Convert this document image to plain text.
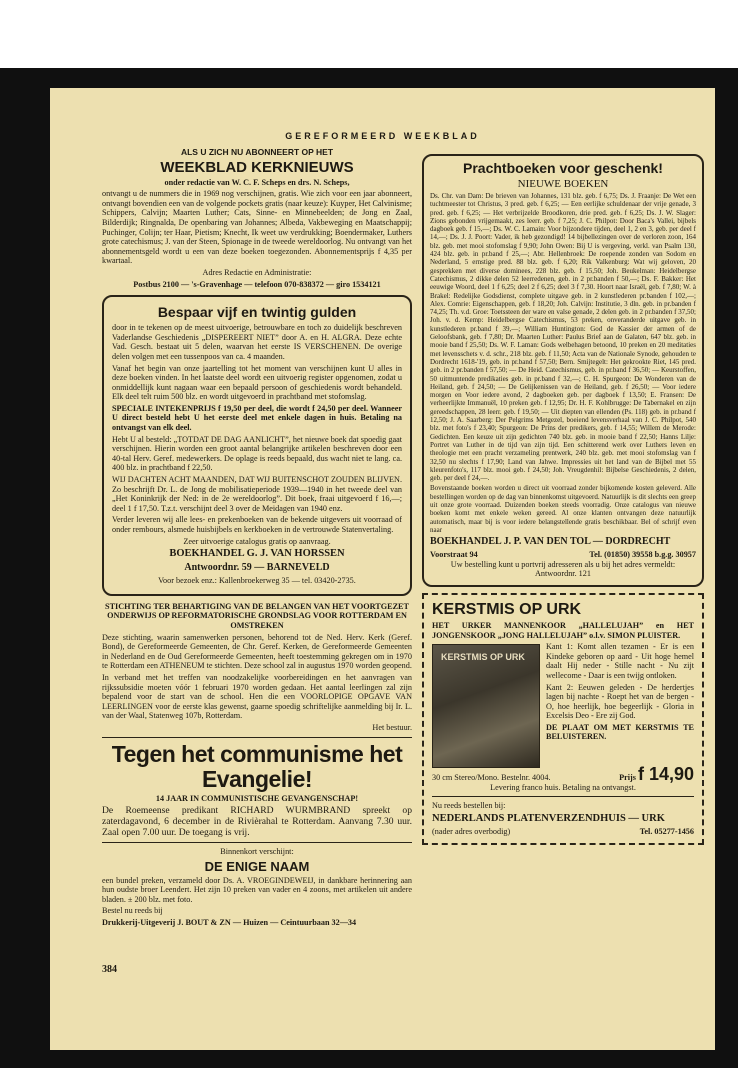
GEREFORMEERD WEEKBLAD

ALS U ZICH NU ABONNEERT OP HET

WEEKBLAD KERKNIEUWS

onder redactie van W. C. F. Scheps en drs. N. Scheps,

ontvangt u de nummers die in 1969 nog verschijnen, gratis. Wie zich voor een jaar abonneert, ontvangt bovendien een van de volgende pockets gratis (naar keuze): Kuyper, Het Calvinisme; Schippers, Calvijn; Maarten Luther; Cats, Sinne- en Minnebeelden; de Jong en Zaal, Bilderdijk; Ringnalda, De openbaring van Johannes; Albeda, Vakbeweging en Maatschappij; Puchinger, Colijn; ter Haar, Pietism; Knecht, Ik weet uw verdrukking; Boendermaker, Luthers grote catechismus; J. van der Steen, Spionage in de tweede wereldoorlog. Nu ontvangt van het abonnementsgeld wordt u een van deze boeken toegezonden. Abonnementsprijs f 4,35 per kwartaal.

Adres Redactie en Administratie:

Postbus 2100 — 's-Gravenhage — telefoon 070-838372 — giro 1534121

Bespaar vijf en twintig gulden

door in te tekenen op de meest uitvoerige, betrouwbare en toch zo duidelijk beschreven Vaderlandse Geschiedenis „DISPEREERT NIET” door A. en H. ALGRA. Deze echte Vad. Gesch. bestaat uit 5 delen, waarvan het eerste IS VERSCHENEN. De overige delen volgen met een tussenpoos van ca. 4 maanden.

Vanaf het begin van onze jaartelling tot het moment van verschijnen kunt U alles in deze boeken vinden. In het laatste deel wordt een uitvoerig register opgenomen, zodat u onmiddellijk kunt nagaan waar een bepaald persoon of geschiedenis wordt behandeld. Elk deel telt ruim 500 blz. en wordt uitgevoerd in prachtband met stofomslag.

SPECIALE INTEKENPRIJS f 19,50 per deel, die wordt f 24,50 per deel. Wanneer U direct besteld hebt U het eerste deel met enkele dagen in huis. Betaling na ontvangst van elk deel.

Hebt U al besteld: „TOTDAT DE DAG AANLICHT”, het nieuwe boek dat spoedig gaat verschijnen. Hierin worden een groot aantal belangrijke artikelen beschreven door een 40-tal Herv. Geref. medewerkers. De oplage is reeds bepaald, dus wacht niet te lang. ca. 400 blz. in prachtband f 22,50.

WIJ DACHTEN ACHT MAANDEN, DAT WIJ BUITENSCHOT ZOUDEN BLIJVEN. Zo beschrijft Dr. L. de Jong de mobilisatieperiode 1939—1940 in het tweede deel van „Het Koninkrijk der Ned: in de 2e wereldoorlog”. Dit boek, fraai uitgevoerd f 16,—; deel 1 f 17,50. T.z.t. verschijnt deel 3 over de Meidagen van 1940 enz.

Verder leveren wij alle lees- en prekenboeken van de bekende uitgevers uit voorraad of onder rembours, alsmede huisbijbels en kerkboeken in de vertrouwde Statenvertaling.

Zeer uitvoerige catalogus gratis op aanvraag.

BOEKHANDEL G. J. VAN HORSSEN

Antwoordnr. 59 — BARNEVELD

Voor bezoek enz.: Kallenbroekerweg 35 — tel. 03420-2735.

STICHTING TER BEHARTIGING VAN DE BELANGEN VAN HET VOORTGEZET ONDERWIJS OP REFORMATORISCHE GRONDSLAG VOOR ROTTERDAM EN OMSTREKEN

Deze stichting, waarin samenwerken personen, behorend tot de Ned. Herv. Kerk (Geref. Bond), de Gereformeerde Gemeenten, de Chr. Geref. Kerken, de Gereformeerde Gemeenten in Nederland en de Oud Gereformeerde Gemeenten, heeft toestemming gekregen om in 1970 te Rotterdam een ATHENEUM te stichten. Deze school zal in augustus 1970 worden geopend.

In verband met het treffen van noodzakelijke voorbereidingen en het aanvragen van rijkssubsidie moeten vóór 1 februari 1970 worden gedaan. Het aantal leerlingen zal zijn bepalend voor de start van de school. Hen die een VOORLOPIGE OPGAVE VAN LEERLINGEN voor de eerste klas gewenst, gaarne spoedig schriftelijke aanmelding bij Ir. L. van der Waal, Statenweg 107b, Rotterdam.

Het bestuur.

Tegen het communisme het Evangelie!

14 JAAR IN COMMUNISTISCHE GEVANGENSCHAP!

De Roemeense predikant RICHARD WURMBRAND spreekt op zaterdagavond, 6 december in de Rivièrahal te Rotterdam. Aanvang 7.30 uur. Zaal open 7.00 uur. De toegang is vrij.

Binnenkort verschijnt:

DE ENIGE NAAM

een bundel preken, verzameld door Ds. A. VROEGINDEWEIJ, in dankbare herinnering aan hun oudste broer Leendert. Het zijn 10 preken van vader en 4 zoons, met artikelen uit andere bladen. ± 200 blz. met foto.

Bestel nu reeds bij

Drukkerij-Uitgeverij J. BOUT & ZN — Huizen — Ceintuurbaan 32—34

Prachtboeken voor geschenk!

NIEUWE BOEKEN

Ds. Chr. van Dam: De brieven van Johannes, 131 blz. geb. f 6,75; Ds. J. Fraanje: De Wet een tuchtmeester tot Christus, 3 pred. geb. f 6,25; — Een eerlijke schuldenaar der vrije genade, 3 pred. geb. f 6,25; — Het verbrijzelde Broodkoren, drie pred. geb. f 6,25; Ds. J. W. Slager: Zions gebonden vrijgemaakt, zes leerr. geb. f 7,25; J. C. Philpot: Door Baca's Vallei, bijbels dagboek geb. f 15,—; Ds. W. C. Lamain: Voor bijzondere tijden, deel 1, 2 en 3, geb. per deel f 14,—; Ds. J. J. Poort: Vader, ik heb gezondigd! 14 bijbellezingen over de verloren zoon, 164 blz. geb. met mooi stofomslag f 9,90; John Owen: Bij U is vergeving, verkl. van Psalm 130, 424 blz. geb. in pr.band f 25,—; Abr. Hellenbroek: De roepende zonden van Sodom en Nederland, 5 ernstige pred. 88 blz. geb. f 6,20; Rik Valkenburg: Wat wij geloven, 20 gesprekken met diverse dominees, 228 blz. geb. f 15,50; Joh. Beukelman: Heidelbergse Catechismus, 2 dikke delen 52 leerredenen, geb. in 2 pr.banden f 50,—; Ds. F. Bakker: Het eeuwige Woord, deel 1 f 6,25; deel 2 f 6,25; deel 3 f 7,30. Hoort naar Israël, geb. f 7,80; W. à Brakel: Redelijke Godsdienst, complete uitgave geb. in 2 kunstlederen pr.banden f 102,—; Alex. Comrie: Eigenschappen, geb. f 18,20; Joh. Calvijn: Institutie, 3 dln. geb. in pr.banden f 74,25; Th. v.d. Groe: Toetssteen der ware en valse genade, 2 delen geb. in 2 pr.banden f 37,50; Joh. v. d. Kemp: Heidelbergse Catechismus, 53 preken, onveranderde uitgave geb. in kunstlederen pr.band f 39,—; William Huntington: God de Kassier der armen of de Geloofsbank, geb. f 7,80; Dr. Maarten Luther: Paulus Brief aan de Galaten, 647 blz. geb. in mooie band f 25,50; Ds. W. F. Laman: Gods welbehagen betoond, 10 preken en 20 meditaties met levensschets v. d. schr., 218 blz. geb. f 11,50; Acta van de Nationale Synode, gehouden te Dordrecht 1618-'19, geb. in pr.band f 57,50; Bern. Smijtegelt: Het gekrookte Riet, 145 pred. geb. in 2 pr.banden f 57,50; — De Heid. Catechismus, geb. in pr.band f 36,50; — Keurstoffen, 50 uitmuntende predikaties geb. in pr.band f 32,—; C. H. Spurgeon: De Wonderen van de Heiland, geb. f 24,50; — De Gelijkenissen van de Heiland, geb. f 26,50; — Voor iedere morgen en Voor iedere avond, 2 dagboeken geb. per dagboek f 13,50; E. Fransen: De verheerlijkte Immanuël, 10 preken geb. f 12,95; Dr. H. F. Kohlbrugge: De Tabernakel en zijn gereedschappen, 28 leerr. geb. f 19,50; — Uit diepten van ellenden (Ps. 118) geb. in pr.band f 12,50; J. A. Saarberg: Der Pelgrims Metgezel, boeiend levensverhaal van J. C. Philpot, 540 blz. met foto's f 23,40; Spurgeon: De Prins der predikers, geb. f 14,55; Willem de Merode: Gedichten. Een keuze uit zijn gedichten 740 blz. geb. in mooie band f 22,50; Hanns Lilje: Portret van Luther in de tijd van zijn tijd. Een schitterend werk over Luthers leven en theologie met een pracht verzameling prentwerk, 240 blz. geb. met mooi stofomslag van f 32,50 nu slechts f 17,90; Land van Jahwe. Impressies uit het land van de Bijbel met 55 kleurenfoto's, 117 blz. mooi geb. f 24,50; Joh. Vreugdenhil: Bijbelse Geschiedenis, 2 delen, geb. per deel f 24,—.

Bovenstaande boeken worden u direct uit voorraad zonder bijkomende kosten geleverd. Alle bestellingen worden op de dag van binnenkomst uitgevoerd. Natuurlijk is dit slechts een greep uit onze grote voorraad. Duizenden boeken steeds voorradig. Onze catalogus van nieuwe boeken komt met enkele weken gereed. Al onze klanten ontvangen deze natuurlijk automatisch, maar bij is voor iedere belangstellende gratis beschikbaar. Bel of schrijf even naar

BOEKHANDEL J. P. VAN DEN TOL — DORDRECHT

Voorstraat 94	Tel. (01850) 39558 b.g.g. 30957

Uw bestelling kunt u portvrij adresseren als u bij het adres vermeldt: Antwoordnr. 121

KERSTMIS OP URK

HET URKER MANNENKOOR „HALLELUJAH” en HET JONGENSKOOR „JONG HALLELUJAH” o.l.v. SIMON PLUISTER.

KERSTMIS OP URK

Kant 1: Komt allen tezamen - Er is een Kindeke geboren op aard - Uit hoge hemel daalt Hij neder - Stille nacht - Nu zijt wellecome - Daar is een twijg ontloken.

Kant 2: Eeuwen geleden - De herdertjes lagen bij nachte - Roept het van de bergen - O, hoe heerlijk, hoe begeerlijk - Gloria in Excelsis Deo - Ere zij God.

DE PLAAT OM MET KERSTMIS TE BELUISTEREN.

30 cm Stereo/Mono. Bestelnr. 4004.	Prijs f 14,90

Levering franco huis. Betaling na ontvangst.

Nu reeds bestellen bij:

NEDERLANDS PLATENVERZENDHUIS — URK

(nader adres overbodig)	Tel. 05277-1456
384
